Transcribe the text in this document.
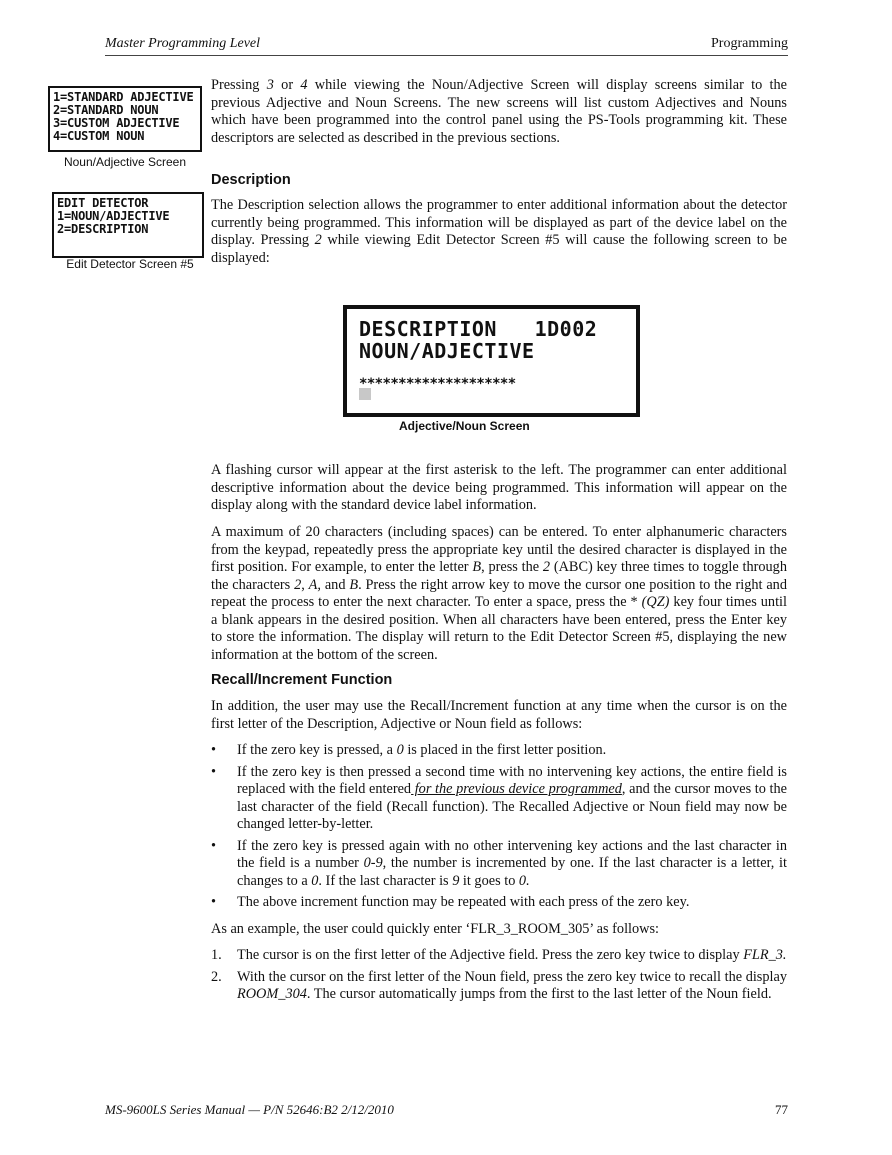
Master Programming Level	Programming
1=STANDARD ADJECTIVE
2=STANDARD NOUN
3=CUSTOM ADJECTIVE
4=CUSTOM NOUN
Noun/Adjective Screen
EDIT DETECTOR
1=NOUN/ADJECTIVE
2=DESCRIPTION
Edit Detector Screen #5
Pressing 3 or 4 while viewing the Noun/Adjective Screen will display screens similar to the previous Adjective and Noun Screens. The new screens will list custom Adjectives and Nouns which have been programmed into the control panel using the PS-Tools programming kit. These descriptors are selected as described in the previous sections.
Description
The Description selection allows the programmer to enter additional information about the detector currently being programmed. This information will be displayed as part of the device label on the display. Pressing 2 while viewing Edit Detector Screen #5 will cause the following screen to be displayed:
DESCRIPTION   1D002
NOUN/ADJECTIVE
********************
Adjective/Noun Screen
A flashing cursor will appear at the first asterisk to the left. The programmer can enter additional descriptive information about the device being programmed. This information will appear on the display along with the standard device label information.
A maximum of 20 characters (including spaces) can be entered. To enter alphanumeric characters from the keypad, repeatedly press the appropriate key until the desired character is displayed in the first position. For example, to enter the letter B, press the 2 (ABC) key three times to toggle through the characters 2, A, and B. Press the right arrow key to move the cursor one position to the right and repeat the process to enter the next character. To enter a space, press the * (QZ) key four times until a blank appears in the desired position. When all characters have been entered, press the Enter key to store the information. The display will return to the Edit Detector Screen #5, displaying the new information at the bottom of the screen.
Recall/Increment Function
In addition, the user may use the Recall/Increment function at any time when the cursor is on the first letter of the Description, Adjective or Noun field as follows:
• If the zero key is pressed, a 0 is placed in the first letter position.
• If the zero key is then pressed a second time with no intervening key actions, the entire field is replaced with the field entered for the previous device programmed, and the cursor moves to the last character of the field (Recall function). The Recalled Adjective or Noun field may now be changed letter-by-letter.
• If the zero key is pressed again with no other intervening key actions and the last character in the field is a number 0-9, the number is incremented by one. If the last character is a letter, it changes to a 0. If the last character is 9 it goes to 0.
• The above increment function may be repeated with each press of the zero key.
As an example, the user could quickly enter ‘FLR_3_ROOM_305’ as follows:
1. The cursor is on the first letter of the Adjective field. Press the zero key twice to display FLR_3.
2. With the cursor on the first letter of the Noun field, press the zero key twice to recall the display ROOM_304. The cursor automatically jumps from the first to the last letter of the Noun field.
MS-9600LS Series Manual — P/N 52646:B2 2/12/2010	77
